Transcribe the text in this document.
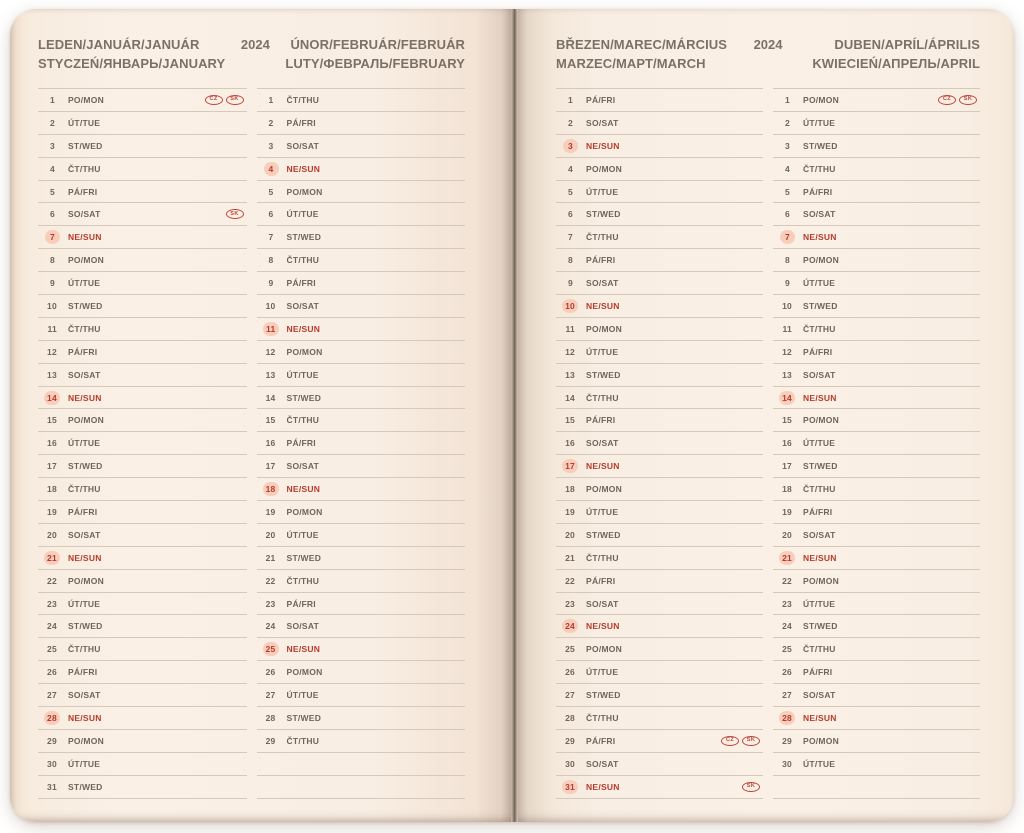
LEDEN/JANUÁR/JANUÁR
STYCZEŃ/ЯНВАРЬ/JANUARY
2024	ÚNOR/FEBRUÁR/FEBRUÁR
LUTY/ФЕВРАЛЬ/FEBRUARY
1	PO/MON	CZ	SK
2	ÚT/TUE
3	ST/WED
4	ČT/THU
5	PÁ/FRI
6	SO/SAT	SK
7	NE/SUN
8	PO/MON
9	ÚT/TUE
10	ST/WED
11	ČT/THU
12	PÁ/FRI
13	SO/SAT
14	NE/SUN
15	PO/MON
16	ÚT/TUE
17	ST/WED
18	ČT/THU
19	PÁ/FRI
20	SO/SAT
21	NE/SUN
22	PO/MON
23	ÚT/TUE
24	ST/WED
25	ČT/THU
26	PÁ/FRI
27	SO/SAT
28	NE/SUN
29	PO/MON
30	ÚT/TUE
31	ST/WED
1	ČT/THU
2	PÁ/FRI
3	SO/SAT
4	NE/SUN
5	PO/MON
6	ÚT/TUE
7	ST/WED
8	ČT/THU
9	PÁ/FRI
10	SO/SAT
11	NE/SUN
12	PO/MON
13	ÚT/TUE
14	ST/WED
15	ČT/THU
16	PÁ/FRI
17	SO/SAT
18	NE/SUN
19	PO/MON
20	ÚT/TUE
21	ST/WED
22	ČT/THU
23	PÁ/FRI
24	SO/SAT
25	NE/SUN
26	PO/MON
27	ÚT/TUE
28	ST/WED
29	ČT/THU
BŘEZEN/MAREC/MÁRCIUS
MARZEC/МАРТ/MARCH
2024	DUBEN/APRÍL/ÁPRILIS
KWIECIEŃ/АПРЕЛЬ/APRIL
1	PÁ/FRI
2	SO/SAT
3	NE/SUN
4	PO/MON
5	ÚT/TUE
6	ST/WED
7	ČT/THU
8	PÁ/FRI
9	SO/SAT
10	NE/SUN
11	PO/MON
12	ÚT/TUE
13	ST/WED
14	ČT/THU
15	PÁ/FRI
16	SO/SAT
17	NE/SUN
18	PO/MON
19	ÚT/TUE
20	ST/WED
21	ČT/THU
22	PÁ/FRI
23	SO/SAT
24	NE/SUN
25	PO/MON
26	ÚT/TUE
27	ST/WED
28	ČT/THU
29	PÁ/FRI	CZ	SK
30	SO/SAT
31	NE/SUN	SK
1	PO/MON	CZ	SK
2	ÚT/TUE
3	ST/WED
4	ČT/THU
5	PÁ/FRI
6	SO/SAT
7	NE/SUN
8	PO/MON
9	ÚT/TUE
10	ST/WED
11	ČT/THU
12	PÁ/FRI
13	SO/SAT
14	NE/SUN
15	PO/MON
16	ÚT/TUE
17	ST/WED
18	ČT/THU
19	PÁ/FRI
20	SO/SAT
21	NE/SUN
22	PO/MON
23	ÚT/TUE
24	ST/WED
25	ČT/THU
26	PÁ/FRI
27	SO/SAT
28	NE/SUN
29	PO/MON
30	ÚT/TUE
